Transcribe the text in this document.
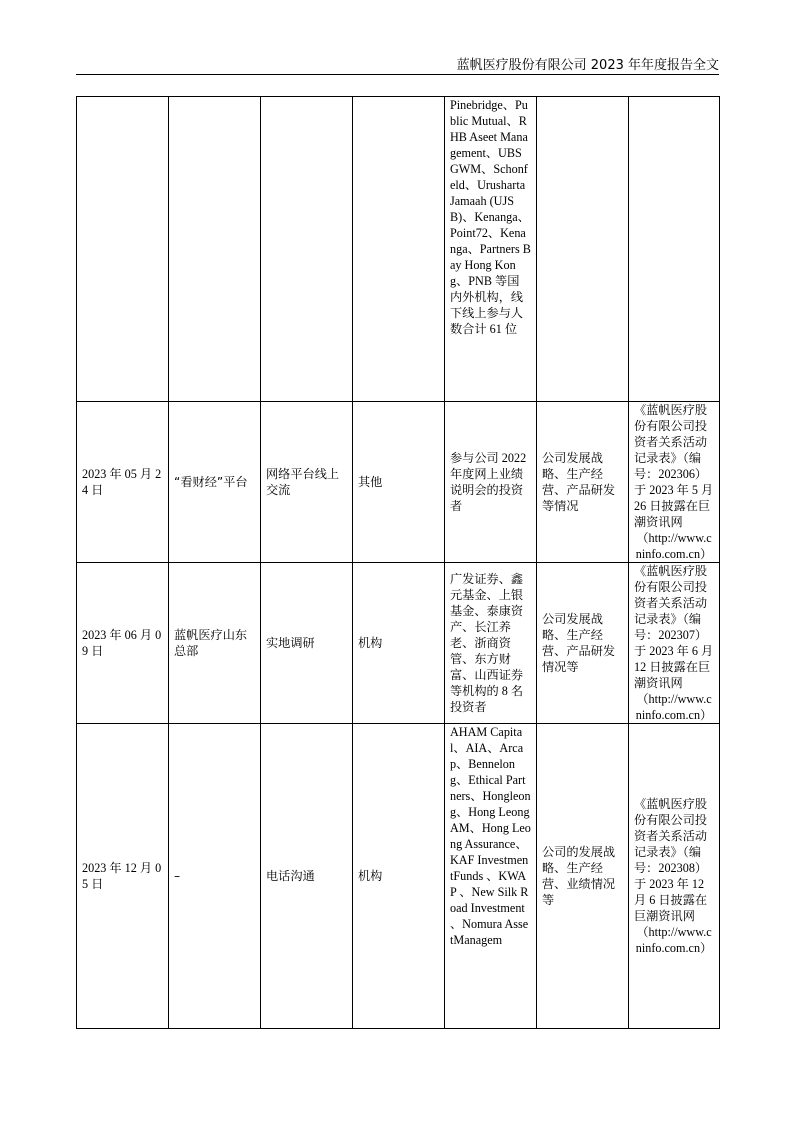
蓝帆医疗股份有限公司 2023 年年度报告全文
				Pinebridge、Public Mutual、RHB Aseet Management、UBS GWM、Schonfeld、Urusharta Jamaah (UJSB)、Kenanga、Point72、Kenanga、Partners Bay Hong Kong、PNB 等国内外机构，线下线上参与人数合计 61 位		
2023 年 05 月 24 日	“看财经”平台	网络平台线上交流	其他	参与公司 2022 年度网上业绩说明会的投资者	公司发展战略、生产经营、产品研发等情况	《蓝帆医疗股份有限公司投资者关系活动记录表》（编号：202306）于 2023 年 5 月 26 日披露在巨潮资讯网
（http://www.cninfo.com.cn）

2023 年 06 月 09 日	蓝帆医疗山东总部	实地调研	机构	广发证券、鑫元基金、上银基金、泰康资产、长江养老、浙商资管、东方财富、山西证券等机构的 8 名投资者	公司发展战略、生产经营、产品研发情况等	《蓝帆医疗股份有限公司投资者关系活动记录表》（编号：202307）于 2023 年 6 月 12 日披露在巨潮资讯网
（http://www.cninfo.com.cn）

2023 年 12 月 05 日	–	电话沟通	机构	AHAM Capital、AIA、Arcap、Bennelong、Ethical Partners、Hongleong、Hong Leong AM、Hong Leong Assurance、KAF InvestmentFunds 、KWAP 、New Silk Road Investment 、Nomura AssetManagem	公司的发展战略、生产经营、业绩情况等	《蓝帆医疗股份有限公司投资者关系活动记录表》（编号：202308）于 2023 年 12 月 6 日披露在巨潮资讯网
（http://www.cninfo.com.cn）
